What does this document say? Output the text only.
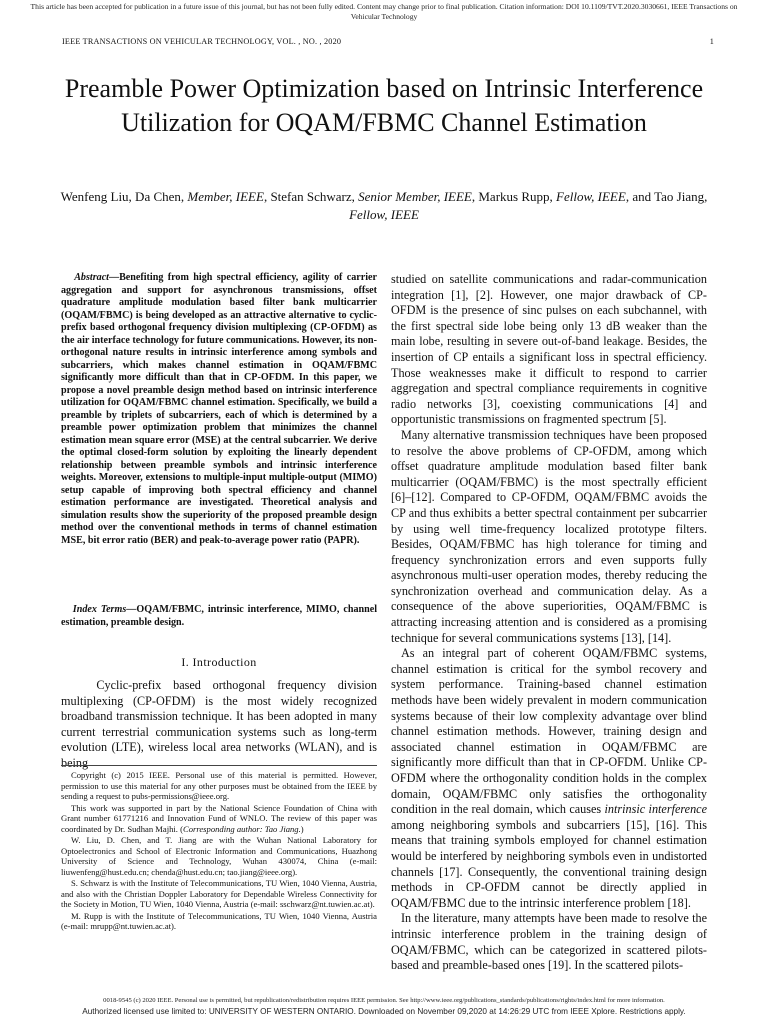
This article has been accepted for publication in a future issue of this journal, but has not been fully edited. Content may change prior to final publication. Citation information: DOI 10.1109/TVT.2020.3030661, IEEE Transactions on Vehicular Technology
IEEE TRANSACTIONS ON VEHICULAR TECHNOLOGY, VOL. , NO. , 2020	1
Preamble Power Optimization based on Intrinsic Interference Utilization for OQAM/FBMC Channel Estimation
Wenfeng Liu, Da Chen, Member, IEEE, Stefan Schwarz, Senior Member, IEEE, Markus Rupp, Fellow, IEEE, and Tao Jiang, Fellow, IEEE
Abstract—Benefiting from high spectral efficiency, agility of carrier aggregation and support for asynchronous transmissions, offset quadrature amplitude modulation based filter bank multicarrier (OQAM/FBMC) is being developed as an attractive alternative to cyclic-prefix based orthogonal frequency division multiplexing (CP-OFDM) as the air interface technology for future communications. However, its non-orthogonal nature results in intrinsic interference among symbols and subcarriers, which makes channel estimation in OQAM/FBMC significantly more difficult than that in CP-OFDM. In this paper, we propose a novel preamble design method based on intrinsic interference utilization for OQAM/FBMC channel estimation. Specifically, we build a preamble by triplets of subcarriers, each of which is determined by a preamble power optimization problem that minimizes the channel estimation mean square error (MSE) at the central subcarrier. We derive the optimal closed-form solution by exploiting the linearly dependent relationship between preamble symbols and intrinsic interference weights. Moreover, extensions to multiple-input multiple-output (MIMO) setup capable of improving both spectral efficiency and channel estimation performance are investigated. Theoretical analysis and simulation results show the superiority of the proposed preamble design method over the conventional methods in terms of channel estimation MSE, bit error ratio (BER) and peak-to-average power ratio (PAPR).
Index Terms—OQAM/FBMC, intrinsic interference, MIMO, channel estimation, preamble design.
I. Introduction
Cyclic-prefix based orthogonal frequency division multiplexing (CP-OFDM) is the most widely recognized broadband transmission technique. It has been adopted in many current terrestrial communication systems such as long-term evolution (LTE), wireless local area networks (WLAN), and is being

Copyright (c) 2015 IEEE. Personal use of this material is permitted. However, permission to use this material for any other purposes must be obtained from the IEEE by sending a request to pubs-permissions@ieee.org.

This work was supported in part by the National Science Foundation of China with Grant number 61771216 and Innovation Fund of WNLO. The review of this paper was coordinated by Dr. Sudhan Majhi. (Corresponding author: Tao Jiang.)

W. Liu, D. Chen, and T. Jiang are with the Wuhan National Laboratory for Optoelectronics and School of Electronic Information and Communications, Huazhong University of Science and Technology, Wuhan 430074, China (e-mail: liuwenfeng@hust.edu.cn; chenda@hust.edu.cn; tao.jiang@ieee.org).

S. Schwarz is with the Institute of Telecommunications, TU Wien, 1040 Vienna, Austria, and also with the Christian Doppler Laboratory for Dependable Wireless Connectivity for the Society in Motion, TU Wien, 1040 Vienna, Austria (e-mail: sschwarz@nt.tuwien.ac.at).

M. Rupp is with the Institute of Telecommunications, TU Wien, 1040 Vienna, Austria (e-mail: mrupp@nt.tuwien.ac.at).

studied on satellite communications and radar-communication integration [1], [2]. However, one major drawback of CP-OFDM is the presence of sinc pulses on each subchannel, with the first spectral side lobe being only 13 dB weaker than the main lobe, resulting in severe out-of-band leakage. Besides, the insertion of CP entails a significant loss in spectral efficiency. Those weaknesses make it difficult to respond to carrier aggregation and spectral compliance requirements in cognitive radio networks [3], coexisting communications [4] and opportunistic transmissions on fragmented spectrum [5].

Many alternative transmission techniques have been proposed to resolve the above problems of CP-OFDM, among which offset quadrature amplitude modulation based filter bank multicarrier (OQAM/FBMC) is the most spectrally efficient [6]–[12]. Compared to CP-OFDM, OQAM/FBMC avoids the CP and thus exhibits a better spectral containment per subcarrier by using well time-frequency localized prototype filters. Besides, OQAM/FBMC has high tolerance for timing and frequency synchronization errors and even supports fully asynchronous multi-user operation modes, thereby reducing the synchronization overhead and communication delay. As a consequence of the above superiorities, OQAM/FBMC is attracting increasing attention and is considered as a promising technique for several communications systems [13], [14].

As an integral part of coherent OQAM/FBMC systems, channel estimation is critical for the symbol recovery and system performance. Training-based channel estimation methods have been widely prevalent in modern communication systems because of their low complexity advantage over blind channel estimation methods. However, training design and associated channel estimation in OQAM/FBMC are significantly more difficult than that in CP-OFDM. Unlike CP-OFDM where the orthogonality condition holds in the complex domain, OQAM/FBMC only satisfies the orthogonality condition in the real domain, which causes intrinsic interference among neighboring symbols and subcarriers [15], [16]. This means that training symbols employed for channel estimation would be interfered by neighboring symbols even in undistorted channels [17]. Consequently, the conventional training design methods in CP-OFDM cannot be directly applied in OQAM/FBMC due to the intrinsic interference problem [18].

In the literature, many attempts have been made to resolve the intrinsic interference problem in the training design of OQAM/FBMC, which can be categorized in scattered pilots-based and preamble-based ones [19]. In the scattered pilots-

0018-9545 (c) 2020 IEEE. Personal use is permitted, but republication/redistribution requires IEEE permission. See http://www.ieee.org/publications_standards/publications/rights/index.html for more information.
Authorized licensed use limited to: UNIVERSITY OF WESTERN ONTARIO. Downloaded on November 09,2020 at 14:26:29 UTC from IEEE Xplore. Restrictions apply.
